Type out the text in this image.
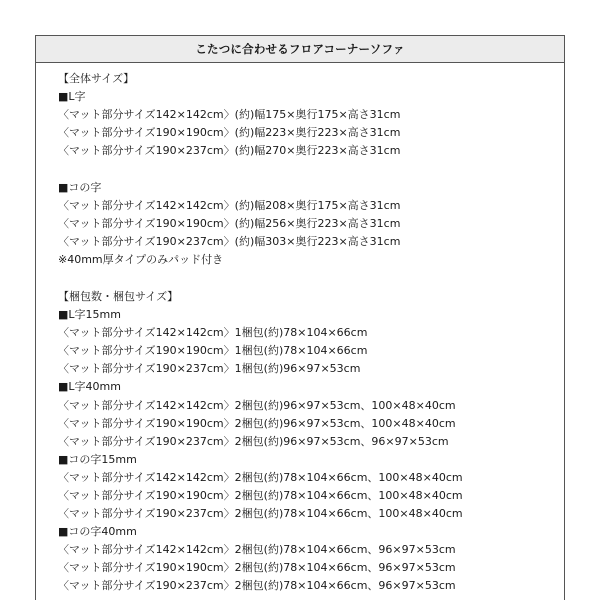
こたつに合わせるフロアコーナーソファ
【全体サイズ】
■L字
〈マット部分サイズ142×142cm〉(約)幅175×奥行175×高さ31cm
〈マット部分サイズ190×190cm〉(約)幅223×奥行223×高さ31cm
〈マット部分サイズ190×237cm〉(約)幅270×奥行223×高さ31cm
■コの字
〈マット部分サイズ142×142cm〉(約)幅208×奥行175×高さ31cm
〈マット部分サイズ190×190cm〉(約)幅256×奥行223×高さ31cm
〈マット部分サイズ190×237cm〉(約)幅303×奥行223×高さ31cm
※40mm厚タイプのみパッド付き
【梱包数・梱包サイズ】
■L字15mm
〈マット部分サイズ142×142cm〉1梱包(約)78×104×66cm
〈マット部分サイズ190×190cm〉1梱包(約)78×104×66cm
〈マット部分サイズ190×237cm〉1梱包(約)96×97×53cm
■L字40mm
〈マット部分サイズ142×142cm〉2梱包(約)96×97×53cm、100×48×40cm
〈マット部分サイズ190×190cm〉2梱包(約)96×97×53cm、100×48×40cm
〈マット部分サイズ190×237cm〉2梱包(約)96×97×53cm、96×97×53cm
■コの字15mm
〈マット部分サイズ142×142cm〉2梱包(約)78×104×66cm、100×48×40cm
〈マット部分サイズ190×190cm〉2梱包(約)78×104×66cm、100×48×40cm
〈マット部分サイズ190×237cm〉2梱包(約)78×104×66cm、100×48×40cm
■コの字40mm
〈マット部分サイズ142×142cm〉2梱包(約)78×104×66cm、96×97×53cm
〈マット部分サイズ190×190cm〉2梱包(約)78×104×66cm、96×97×53cm
〈マット部分サイズ190×237cm〉2梱包(約)78×104×66cm、96×97×53cm
